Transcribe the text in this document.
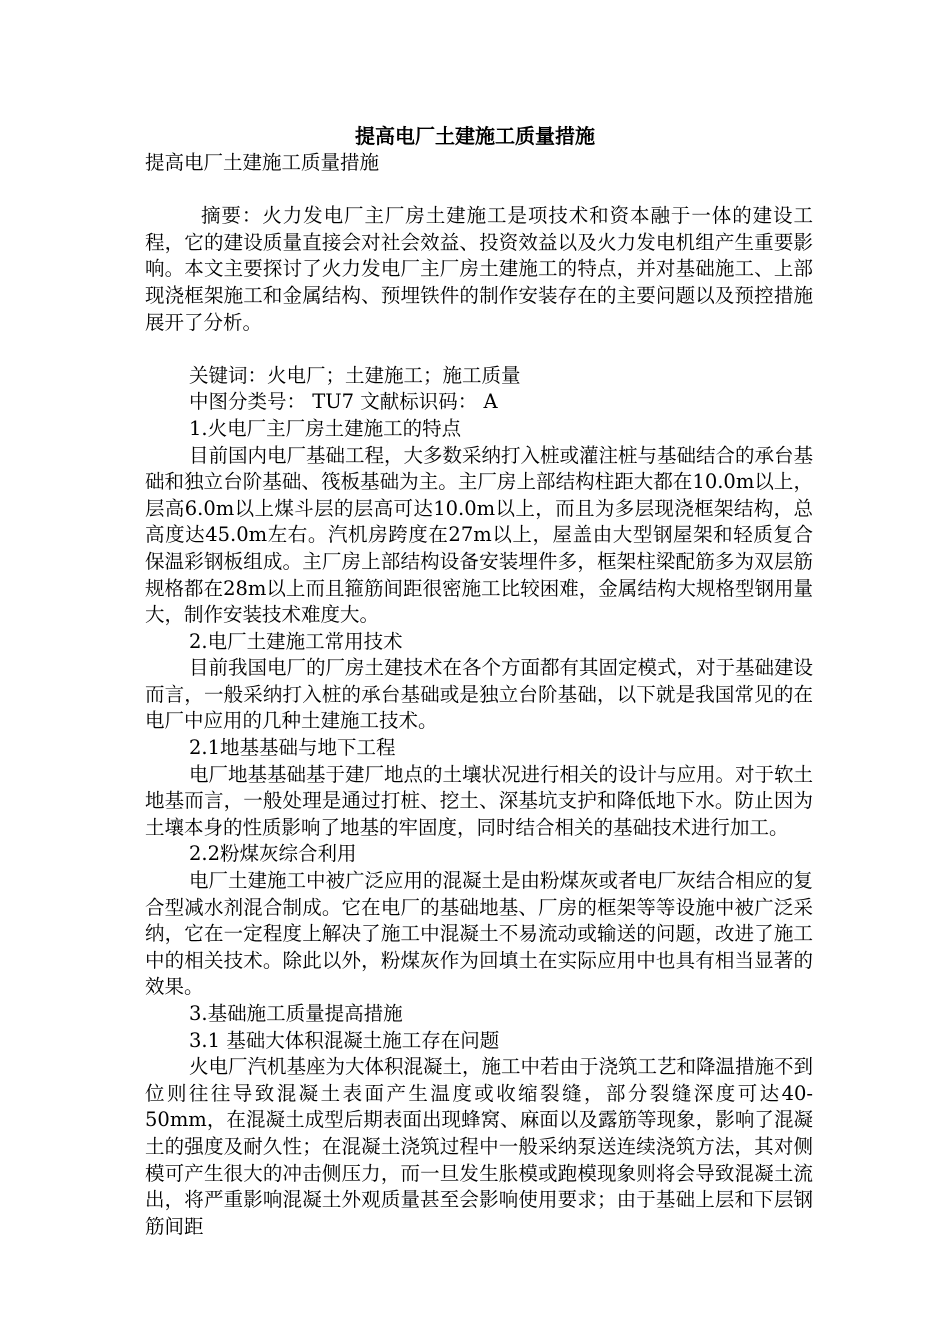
提高电厂土建施工质量措施

提高电厂土建施工质量措施

摘要：火力发电厂主厂房土建施工是项技术和资本融于一体的建设工程，它的建设质量直接会对社会效益、投资效益以及火力发电机组产生重要影响。本文主要探讨了火力发电厂主厂房土建施工的特点，并对基础施工、上部现浇框架施工和金属结构、预埋铁件的制作安装存在的主要问题以及预控措施展开了分析。

关键词：火电厂；土建施工；施工质量

中图分类号： TU7 文献标识码： A

1.火电厂主厂房土建施工的特点

目前国内电厂基础工程，大多数采纳打入桩或灌注桩与基础结合的承台基础和独立台阶基础、筏板基础为主。主厂房上部结构柱距大都在10.0m以上，层高6.0m以上煤斗层的层高可达10.0m以上，而且为多层现浇框架结构，总高度达45.0m左右。汽机房跨度在27m以上，屋盖由大型钢屋架和轻质复合保温彩钢板组成。主厂房上部结构设备安装埋件多，框架柱梁配筋多为双层筋规格都在28m以上而且箍筋间距很密施工比较困难，金属结构大规格型钢用量大，制作安装技术难度大。

2.电厂土建施工常用技术

目前我国电厂的厂房土建技术在各个方面都有其固定模式，对于基础建设而言，一般采纳打入桩的承台基础或是独立台阶基础，以下就是我国常见的在电厂中应用的几种土建施工技术。

2.1地基基础与地下工程

电厂地基基础基于建厂地点的土壤状况进行相关的设计与应用。对于软土地基而言，一般处理是通过打桩、挖土、深基坑支护和降低地下水。防止因为土壤本身的性质影响了地基的牢固度，同时结合相关的基础技术进行加工。

2.2粉煤灰综合利用

电厂土建施工中被广泛应用的混凝土是由粉煤灰或者电厂灰结合相应的复合型减水剂混合制成。它在电厂的基础地基、厂房的框架等等设施中被广泛采纳，它在一定程度上解决了施工中混凝土不易流动或输送的问题，改进了施工中的相关技术。除此以外，粉煤灰作为回填土在实际应用中也具有相当显著的效果。

3.基础施工质量提高措施

3.1 基础大体积混凝土施工存在问题

火电厂汽机基座为大体积混凝土，施工中若由于浇筑工艺和降温措施不到位则往往导致混凝土表面产生温度或收缩裂缝，部分裂缝深度可达40-50mm，在混凝土成型后期表面出现蜂窝、麻面以及露筋等现象，影响了混凝土的强度及耐久性；在混凝土浇筑过程中一般采纳泵送连续浇筑方法，其对侧模可产生很大的冲击侧压力，而一旦发生胀模或跑模现象则将会导致混凝土流出，将严重影响混凝土外观质量甚至会影响使用要求；由于基础上层和下层钢筋间距
